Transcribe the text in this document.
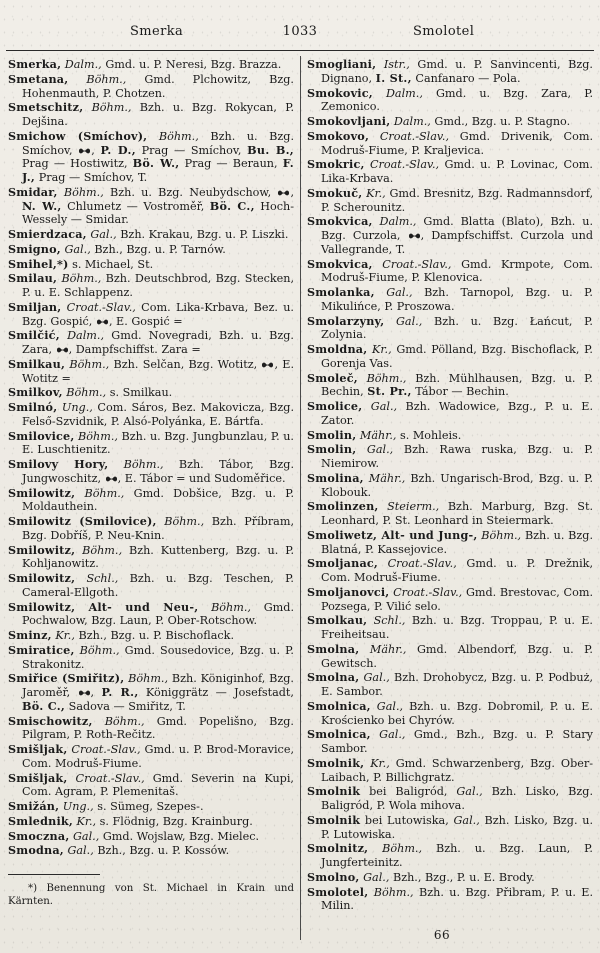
Smerka	1033	Smolotel
Smerka, Dalm., Gmd. u. P. Neresi, Bzg. Brazza.
Smetana, Böhm., Gmd. Plchowitz, Bzg. Hohenmauth, P. Chotzen.
Smetschitz, Böhm., Bzh. u. Bzg. Rokycan, P. Dejšina.
Smichow (Smíchov), Böhm., Bzh. u. Bzg. Smíchov, , P. D., Prag — Smíchov, Bu. B., Prag — Hostiwitz, Bö. W., Prag — Beraun, F. J., Prag — Smíchov, T.
Smidar, Böhm., Bzh. u. Bzg. Neubydschow, , N. W., Chlumetz — Vostroměř, Bö. C., Hoch-Wessely — Smidar.
Smierdzaca, Gal., Bzh. Krakau, Bzg. u. P. Liszki.
Smigno, Gal., Bzh., Bzg. u. P. Tarnów.
Smihel,*) s. Michael, St.
Smilau, Böhm., Bzh. Deutschbrod, Bzg. Stecken, P. u. E. Schlappenz.
Smiljan, Croat.-Slav., Com. Lika-Krbava, Bez. u. Bzg. Gospić, , E. Gospić =
Smilčić, Dalm., Gmd. Novegradi, Bzh. u. Bzg. Zara, , Dampfschiffst. Zara =
Smilkau, Böhm., Bzh. Selčan, Bzg. Wotitz, , E. Wotitz =
Smilkov, Böhm., s. Smilkau.
Smilnó, Ung., Com. Sáros, Bez. Makovicza, Bzg. Felső-Szvidnik, P. Alsó-Polyánka, E. Bártfa.
Smilovice, Böhm., Bzh. u. Bzg. Jungbunzlau, P. u. E. Luschtienitz.
Smilovy Hory, Böhm., Bzh. Tábor, Bzg. Jungwoschitz, , E. Tábor = und Sudoměřice.
Smilowitz, Böhm., Gmd. Dobšice, Bzg. u. P. Moldauthein.
Smilowitz (Smilovice), Böhm., Bzh. Příbram, Bzg. Dobříš, P. Neu-Knin.
Smilowitz, Böhm., Bzh. Kuttenberg, Bzg. u. P. Kohljanowitz.
Smilowitz, Schl., Bzh. u. Bzg. Teschen, P. Cameral-Ellgoth.
Smilowitz, Alt- und Neu-, Böhm., Gmd. Pochwalow, Bzg. Laun, P. Ober-Rotschow.
Sminz, Kr., Bzh., Bzg. u. P. Bischoflack.
Smiratice, Böhm., Gmd. Sousedovice, Bzg. u. P. Strakonitz.
Smiřice (Smiřitz), Böhm., Bzh. Königinhof, Bzg. Jaroměř, , P. R., Königgrätz — Josefstadt, Bö. C., Sadova — Smiřitz, T.
Smischowitz, Böhm., Gmd. Popelišno, Bzg. Pilgram, P. Roth-Rečitz.
Smišljak, Croat.-Slav., Gmd. u. P. Brod-Moravice, Com. Modruš-Fiume.
Smišljak, Croat.-Slav., Gmd. Severin na Kupi, Com. Agram, P. Plemenitaš.
Smižán, Ung., s. Sümeg, Szepes-.
Smlednik, Kr., s. Flödnig, Bzg. Krainburg.
Smoczna, Gal., Gmd. Wojslaw, Bzg. Mielec.
Smodna, Gal., Bzh., Bzg. u. P. Kossów.
*) Benennung von St. Michael in Krain und Kärnten.
Smogliani, Istr., Gmd. u. P. Sanvincenti, Bzg. Dignano, I. St., Canfanaro — Pola.
Smokovic, Dalm., Gmd. u. Bzg. Zara, P. Zemonico.
Smokovljani, Dalm., Gmd., Bzg. u. P. Stagno.
Smokovo, Croat.-Slav., Gmd. Drivenik, Com. Modruš-Fiume, P. Kraljevica.
Smokric, Croat.-Slav., Gmd. u. P. Lovinac, Com. Lika-Krbava.
Smokuč, Kr., Gmd. Bresnitz, Bzg. Radmannsdorf, P. Scherounitz.
Smokvica, Dalm., Gmd. Blatta (Blato), Bzh. u. Bzg. Curzola, , Dampfschiffst. Curzola und Vallegrande, T.
Smokvica, Croat.-Slav., Gmd. Krmpote, Com. Modruš-Fiume, P. Klenovica.
Smolanka, Gal., Bzh. Tarnopol, Bzg. u. P. Mikulińce, P. Proszowa.
Smolarzyny, Gal., Bzh. u. Bzg. Łańcut, P. Zolynia.
Smoldna, Kr., Gmd. Pölland, Bzg. Bischoflack, P. Gorenja Vas.
Smoleč, Böhm., Bzh. Mühlhausen, Bzg. u. P. Bechin, St. Pr., Tábor — Bechin.
Smolice, Gal., Bzh. Wadowice, Bzg., P. u. E. Zator.
Smolin, Mähr., s. Mohleis.
Smolin, Gal., Bzh. Rawa ruska, Bzg. u. P. Niemirow.
Smolina, Mähr., Bzh. Ungarisch-Brod, Bzg. u. P. Klobouk.
Smolinzen, Steierm., Bzh. Marburg, Bzg. St. Leonhard, P. St. Leonhard in Steiermark.
Smoliwetz, Alt- und Jung-, Böhm., Bzh. u. Bzg. Blatná, P. Kassejovice.
Smoljanac, Croat.-Slav., Gmd. u. P. Drežnik, Com. Modruš-Fiume.
Smoljanovci, Croat.-Slav., Gmd. Brestovac, Com. Pozsega, P. Vilić selo.
Smolkau, Schl., Bzh. u. Bzg. Troppau, P. u. E. Freiheitsau.
Smolna, Mähr., Gmd. Albendorf, Bzg. u. P. Gewitsch.
Smolna, Gal., Bzh. Drohobycz, Bzg. u. P. Podbuż, E. Sambor.
Smolnica, Gal., Bzh. u. Bzg. Dobromil, P. u. E. Krościenko bei Chyrów.
Smolnica, Gal., Gmd., Bzh., Bzg. u. P. Stary Sambor.
Smolnik, Kr., Gmd. Schwarzenberg, Bzg. Ober-Laibach, P. Billichgratz.
Smolnik bei Baligród, Gal., Bzh. Lisko, Bzg. Baligród, P. Wola mihova.
Smolnik bei Lutowiska, Gal., Bzh. Lisko, Bzg. u. P. Lutowiska.
Smolnitz, Böhm., Bzh. u. Bzg. Laun, P. Jungferteinitz.
Smolno, Gal., Bzh., Bzg., P. u. E. Brody.
Smolotel, Böhm., Bzh. u. Bzg. Přibram, P. u. E. Milin.
66
